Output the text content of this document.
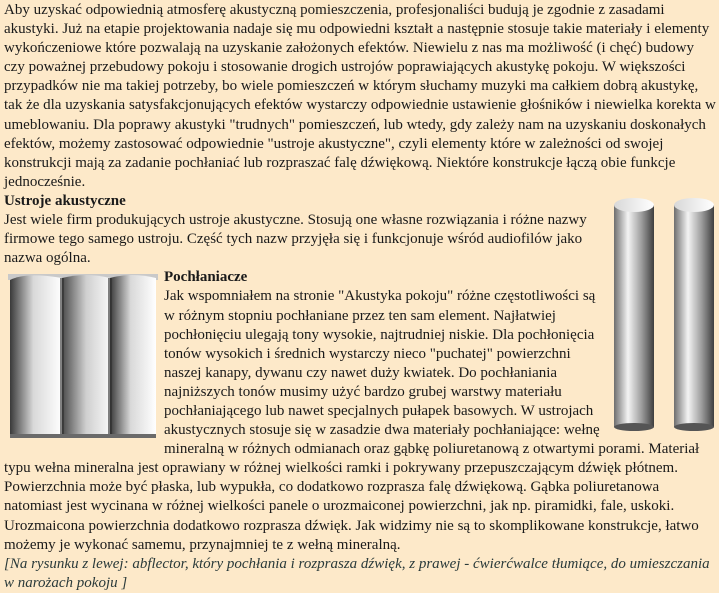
Aby uzyskać odpowiednią atmosferę akustyczną pomieszczenia, profesjonaliści budują je zgodnie z zasadami akustyki. Już na etapie projektowania nadaje się mu odpowiedni kształt a następnie stosuje takie materiały i elementy wykończeniowe które pozwalają na uzyskanie założonych efektów. Niewielu z nas ma możliwość (i chęć) budowy czy poważnej przebudowy pokoju i stosowanie drogich ustrojów poprawiających akustykę pokoju. W większości przypadków nie ma takiej potrzeby, bo wiele pomieszczeń w którym słuchamy muzyki ma całkiem dobrą akustykę, tak że dla uzyskania satysfakcjonujących efektów wystarczy odpowiednie ustawienie głośników i niewielka korekta w umeblowaniu. Dla poprawy akustyki "trudnych" pomieszczeń, lub wtedy, gdy zależy nam na uzyskaniu doskonałych efektów, możemy zastosować odpowiednie "ustroje akustyczne", czyli elementy które w zależności od swojej konstrukcji mają za zadanie pochłaniać lub rozpraszać falę dźwiękową. Niektóre konstrukcje łączą obie funkcje jednocześnie.

Ustroje akustyczne

Jest wiele firm produkujących ustroje akustyczne. Stosują one własne rozwiązania i różne nazwy firmowe tego samego ustroju. Część tych nazw przyjęła się i funkcjonuje wśród audiofilów jako nazwa ogólna.

Pochłaniacze

Jak wspomniałem na stronie "Akustyka pokoju" różne częstotliwości są w różnym stopniu pochłaniane przez ten sam element. Najłatwiej pochłonięciu ulegają tony wysokie, najtrudniej niskie. Dla pochłonięcia tonów wysokich i średnich wystarczy nieco "puchatej" powierzchni naszej kanapy, dywanu czy nawet duży kwiatek. Do pochłaniania najniższych tonów musimy użyć bardzo grubej warstwy materiału pochłaniającego lub nawet specjalnych pułapek basowych. W ustrojach akustycznych stosuje się w zasadzie dwa materiały pochłaniające: wełnę mineralną w różnych odmianach oraz gąbkę poliuretanową z otwartymi porami. Materiał typu wełna mineralna jest oprawiany w różnej wielkości ramki i pokrywany przepuszczającym dźwięk płótnem. Powierzchnia może być płaska, lub wypukła, co dodatkowo rozprasza falę dźwiękową. Gąbka poliuretanowa natomiast jest wycinana w różnej wielkości panele o urozmaiconej powierzchni, jak np. piramidki, fale, uskoki. Urozmaicona powierzchnia dodatkowo rozprasza dźwięk. Jak widzimy nie są to skomplikowane konstrukcje, łatwo możemy je wykonać samemu, przynajmniej te z wełną mineralną.

[Na rysunku z lewej: abflector, który pochłania i rozprasza dźwięk, z prawej - ćwierćwalce tłumiące, do umieszczania w narożach pokoju ]
